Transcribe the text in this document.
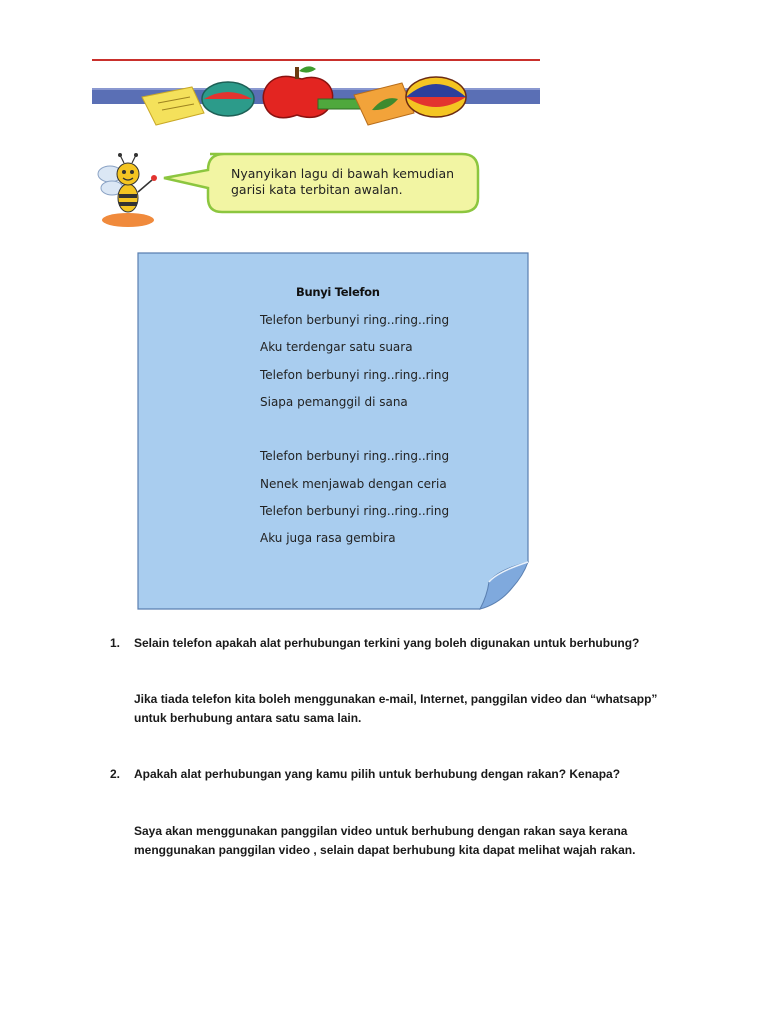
Nyanyikan lagu di bawah kemudian
garisi kata terbitan awalan.
Bunyi Telefon
Telefon berbunyi ring..ring..ring
Aku terdengar satu suara
Telefon berbunyi ring..ring..ring
Siapa pemanggil di sana
Telefon berbunyi ring..ring..ring
Nenek menjawab dengan ceria
Telefon berbunyi ring..ring..ring
Aku juga rasa gembira
1. Selain telefon apakah alat perhubungan terkini yang boleh digunakan untuk berhubung?
Jika tiada telefon kita boleh menggunakan e-mail, Internet, panggilan video dan “whatsapp”
untuk berhubung antara satu sama lain.
2. Apakah alat perhubungan yang kamu pilih untuk berhubung dengan rakan? Kenapa?
Saya akan menggunakan panggilan video untuk berhubung dengan rakan saya kerana
menggunakan panggilan video , selain dapat berhubung kita dapat melihat wajah rakan.
